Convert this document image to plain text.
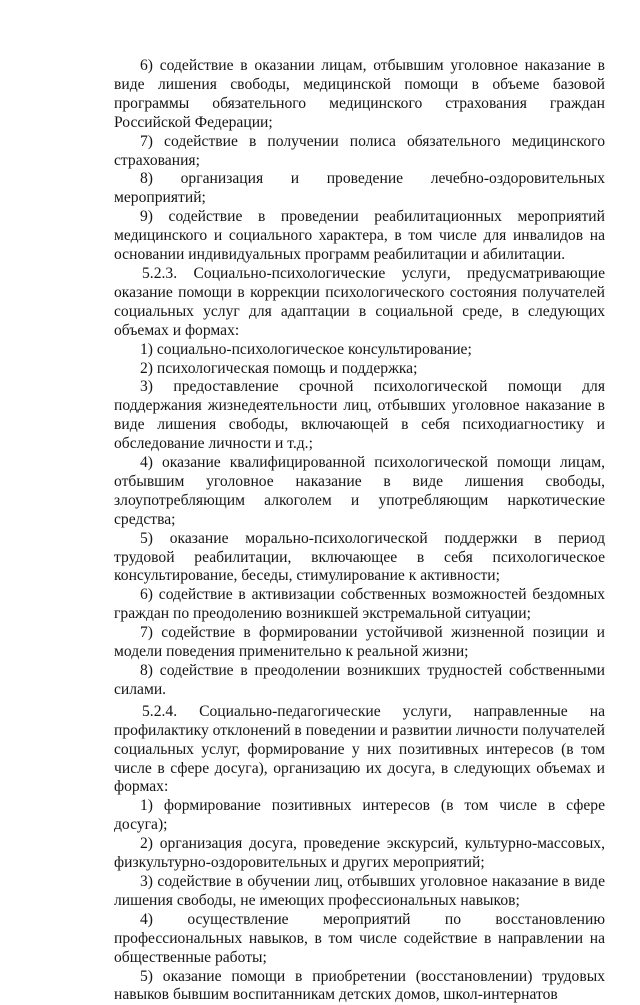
6) содействие в оказании лицам, отбывшим уголовное наказание в виде лишения свободы, медицинской помощи в объеме базовой программы обязательного медицинского страхования граждан Российской Федерации;

7) содействие в получении полиса обязательного медицинского страхования;

8) организация и проведение лечебно-оздоровительных мероприятий;

9) содействие в проведении реабилитационных мероприятий медицинского и социального характера, в том числе для инвалидов на основании индивидуальных программ реабилитации и абилитации.

5.2.3. Социально-психологические услуги, предусматривающие оказание помощи в коррекции психологического состояния получателей социальных услуг для адаптации в социальной среде, в следующих объемах и формах:

1) социально-психологическое консультирование;

2) психологическая помощь и поддержка;

3) предоставление срочной психологической помощи для поддержания жизнедеятельности лиц, отбывших уголовное наказание в виде лишения свободы, включающей в себя психодиагностику и обследование личности и т.д.;

4) оказание квалифицированной психологической помощи лицам, отбывшим уголовное наказание в виде лишения свободы, злоупотребляющим алкоголем и употребляющим наркотические средства;

5) оказание морально-психологической поддержки в период трудовой реабилитации, включающее в себя психологическое консультирование, беседы, стимулирование к активности;

6) содействие в активизации собственных возможностей бездомных граждан по преодолению возникшей экстремальной ситуации;

7) содействие в формировании устойчивой жизненной позиции и модели поведения применительно к реальной жизни;

8) содействие в преодолении возникших трудностей собственными силами.

5.2.4. Социально-педагогические услуги, направленные на профилактику отклонений в поведении и развитии личности получателей социальных услуг, формирование у них позитивных интересов (в том числе в сфере досуга), организацию их досуга, в следующих объемах и формах:

1) формирование позитивных интересов (в том числе в сфере досуга);

2) организация досуга, проведение экскурсий, культурно-массовых, физкультурно-оздоровительных и других мероприятий;

3) содействие в обучении лиц, отбывших уголовное наказание в виде лишения свободы, не имеющих профессиональных навыков;

4) осуществление мероприятий по восстановлению профессиональных навыков, в том числе содействие в направлении на общественные работы;

5) оказание помощи в приобретении (восстановлении) трудовых навыков бывшим воспитанникам детских домов, школ-интернатов
